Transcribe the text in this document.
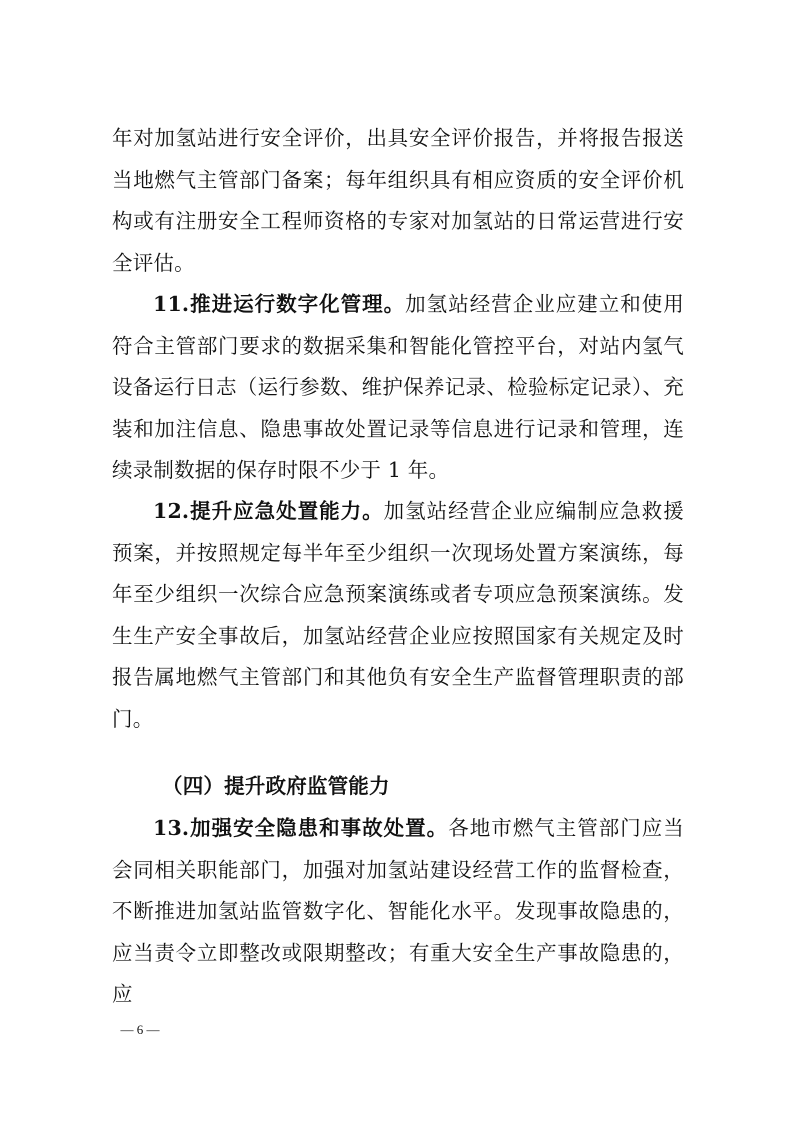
年对加氢站进行安全评价，出具安全评价报告，并将报告报送当地燃气主管部门备案；每年组织具有相应资质的安全评价机构或有注册安全工程师资格的专家对加氢站的日常运营进行安全评估。

11.推进运行数字化管理。加氢站经营企业应建立和使用符合主管部门要求的数据采集和智能化管控平台，对站内氢气设备运行日志（运行参数、维护保养记录、检验标定记录）、充装和加注信息、隐患事故处置记录等信息进行记录和管理，连续录制数据的保存时限不少于 1 年。

12.提升应急处置能力。加氢站经营企业应编制应急救援预案，并按照规定每半年至少组织一次现场处置方案演练，每年至少组织一次综合应急预案演练或者专项应急预案演练。发生生产安全事故后，加氢站经营企业应按照国家有关规定及时报告属地燃气主管部门和其他负有安全生产监督管理职责的部门。

（四）提升政府监管能力

13.加强安全隐患和事故处置。各地市燃气主管部门应当会同相关职能部门，加强对加氢站建设经营工作的监督检查，不断推进加氢站监管数字化、智能化水平。发现事故隐患的，应当责令立即整改或限期整改；有重大安全生产事故隐患的，应

— 6 —
